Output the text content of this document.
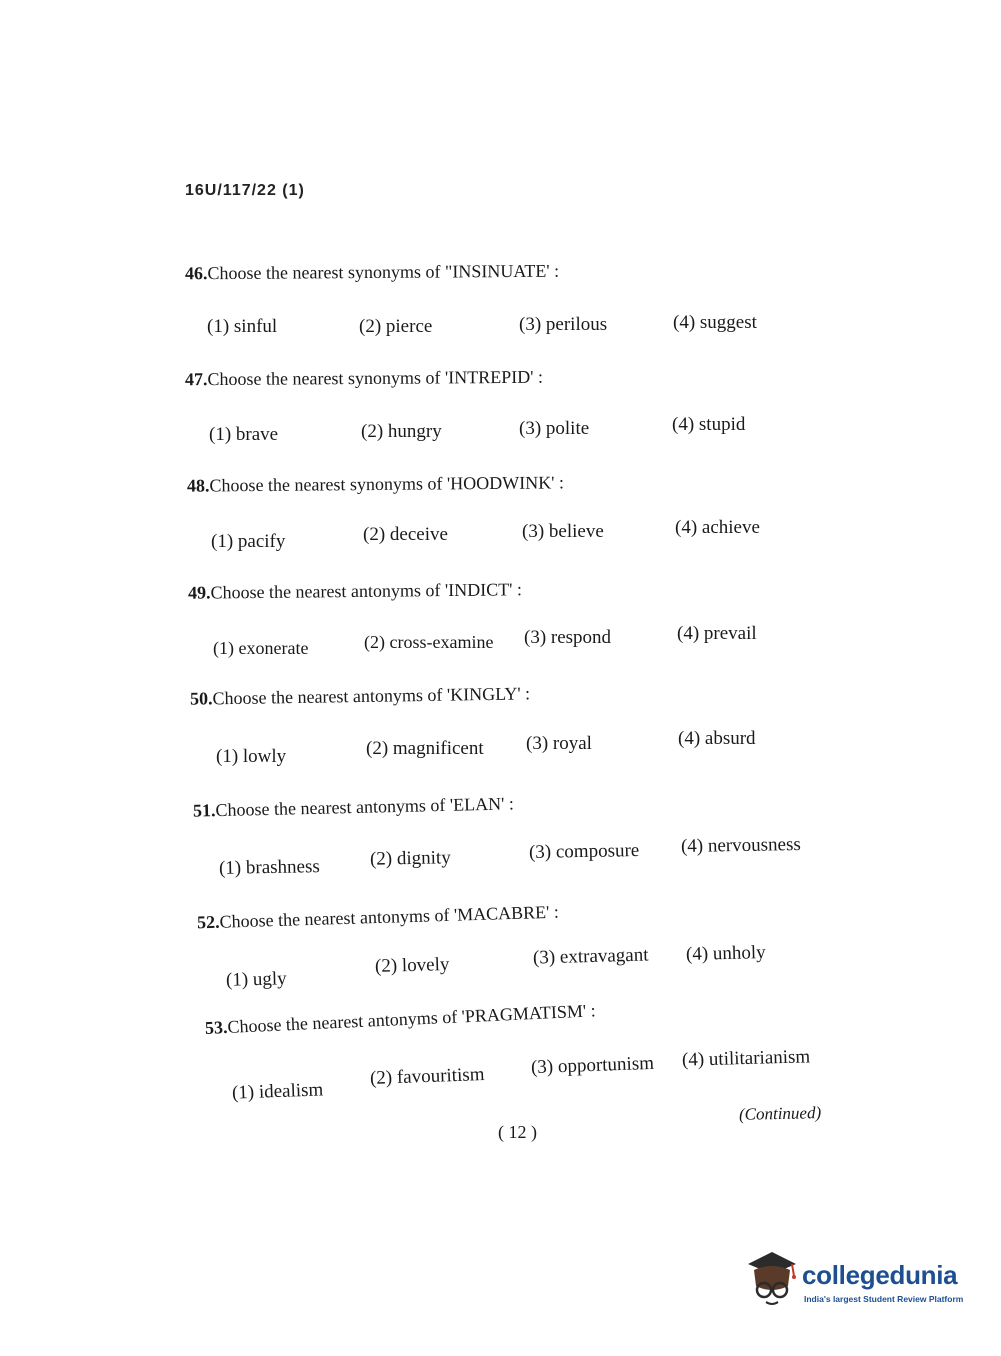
16U/117/22 (1)
46.Choose the nearest synonyms of "INSINUATE' :
(1) sinful	(2) pierce	(3) perilous	(4) suggest
47.Choose the nearest synonyms of 'INTREPID' :
(1) brave	(2) hungry	(3) polite	(4) stupid
48.Choose the nearest synonyms of 'HOODWINK' :
(1) pacify	(2) deceive	(3) believe	(4) achieve
49.Choose the nearest antonyms of 'INDICT' :
(1) exonerate	(2) cross-examine (3) respond	(4) prevail
50.Choose the nearest antonyms of 'KINGLY' :
(1) lowly	(2) magnificent (3) royal	(4) absurd
51.Choose the nearest antonyms of 'ELAN' :
(1) brashness	(2) dignity	(3) composure (4) nervousness
52.Choose the nearest antonyms of 'MACABRE' :
(1) ugly
(2) lovely	(3) extravagant (4) unholy
53.Choose the nearest antonyms of 'PRAGMATISM' :
(1) idealism
(2) favouritism (3) opportunism (4) utilitarianism
(Continued)
( 12 )
collegedunia
India's largest Student Review Platform
